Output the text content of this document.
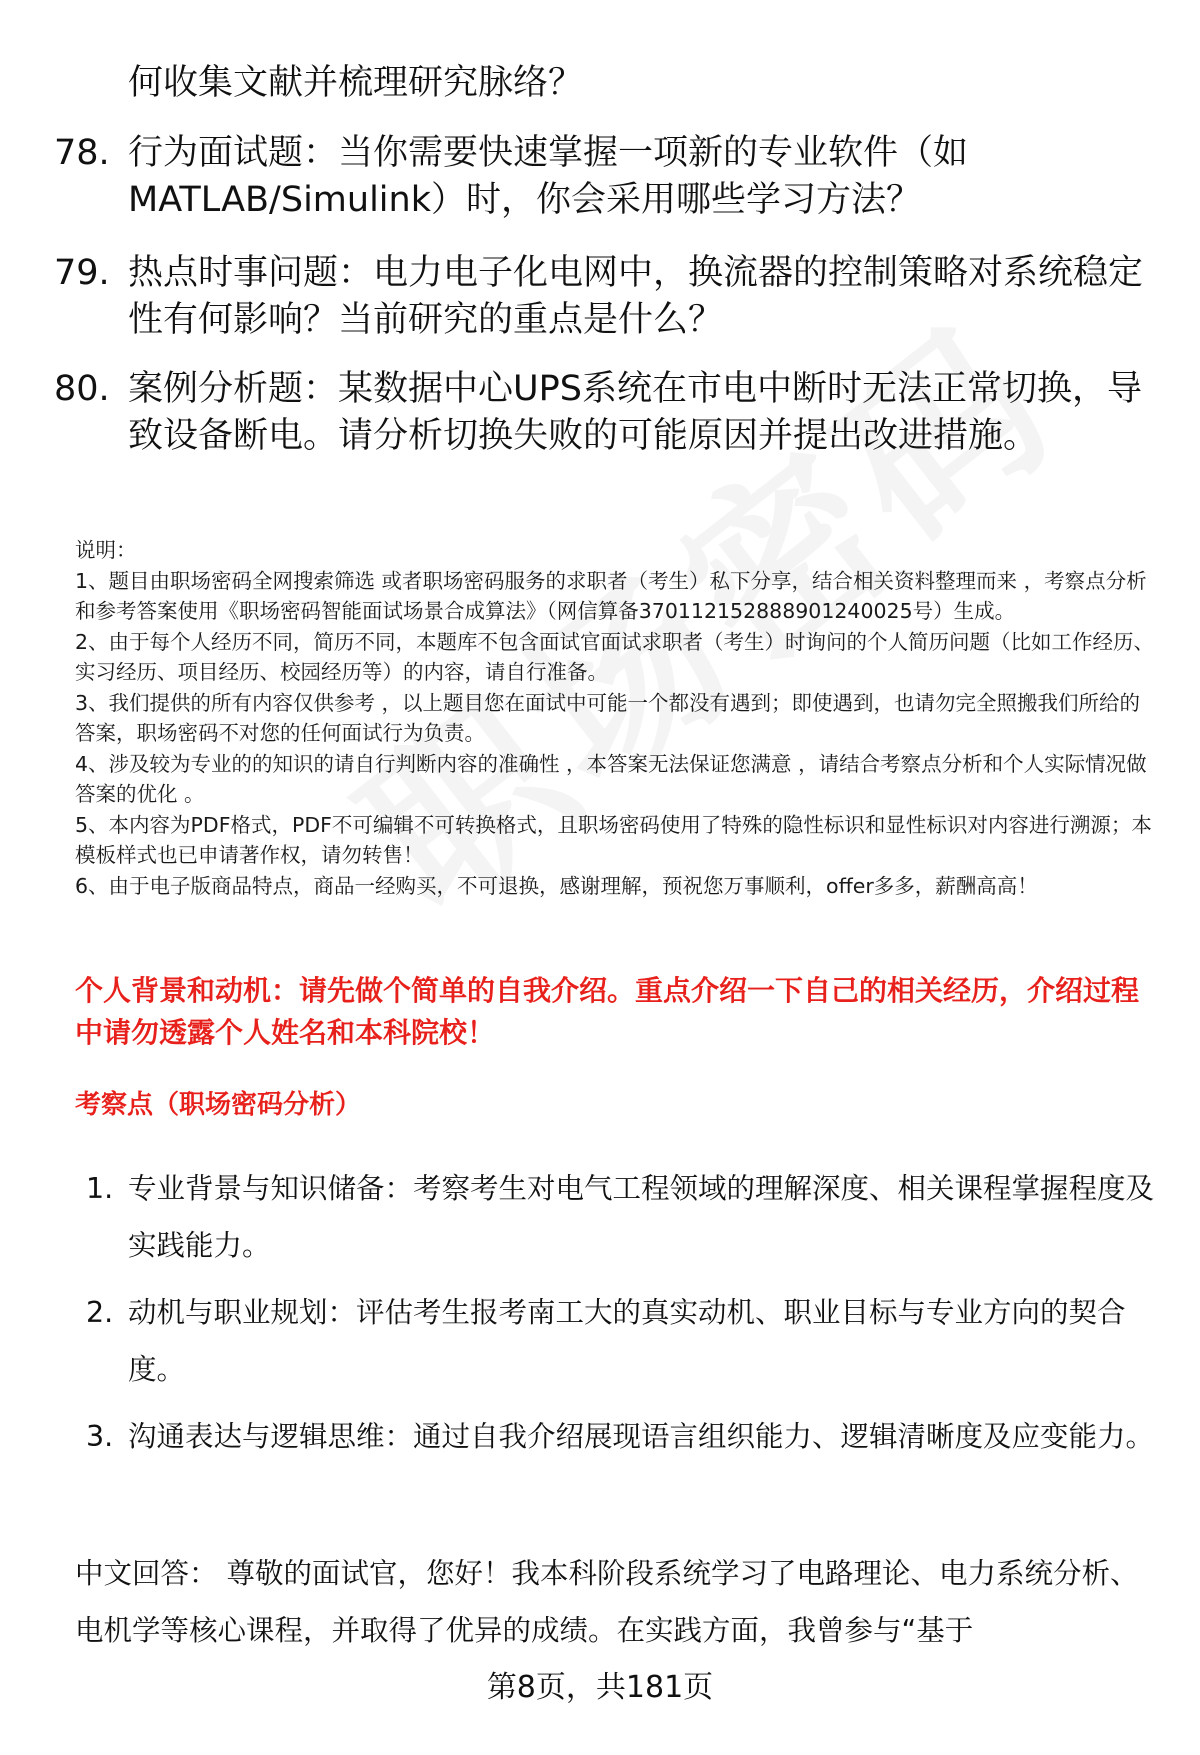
何收集文献并梳理研究脉络？
78. 行为面试题：当你需要快速掌握一项新的专业软件（如MATLAB/Simulink）时，你会采用哪些学习方法？
79. 热点时事问题：电力电子化电网中，换流器的控制策略对系统稳定性有何影响？当前研究的重点是什么？
80. 案例分析题：某数据中心UPS系统在市电中断时无法正常切换，导致设备断电。请分析切换失败的可能原因并提出改进措施。
说明：
1、题目由职场密码全网搜索筛选 或者职场密码服务的求职者（考生）私下分享，结合相关资料整理而来 ，考察点分析和参考答案使用《职场密码智能面试场景合成算法》（网信算备370112152888901240025号）生成。
2、由于每个人经历不同，简历不同，本题库不包含面试官面试求职者（考生）时询问的个人简历问题（比如工作经历、实习经历、项目经历、校园经历等）的内容，请自行准备。
3、我们提供的所有内容仅供参考 ，以上题目您在面试中可能一个都没有遇到；即使遇到，也请勿完全照搬我们所给的答案，职场密码不对您的任何面试行为负责。
4、涉及较为专业的的知识的请自行判断内容的准确性 ，本答案无法保证您满意 ，请结合考察点分析和个人实际情况做答案的优化 。
5、本内容为PDF格式，PDF不可编辑不可转换格式，且职场密码使用了特殊的隐性标识和显性标识对内容进行溯源；本模板样式也已申请著作权，请勿转售！
6、由于电子版商品特点，商品一经购买，不可退换，感谢理解，预祝您万事顺利，offer多多，薪酬高高！
个人背景和动机：请先做个简单的自我介绍。重点介绍一下自己的相关经历，介绍过程中请勿透露个人姓名和本科院校！
考察点（职场密码分析）
1. 专业背景与知识储备：考察考生对电气工程领域的理解深度、相关课程掌握程度及实践能力。
2. 动机与职业规划：评估考生报考南工大的真实动机、职业目标与专业方向的契合度。
3. 沟通表达与逻辑思维：通过自我介绍展现语言组织能力、逻辑清晰度及应变能力。
中文回答： 尊敬的面试官，您好！我本科阶段系统学习了电路理论、电力系统分析、电机学等核心课程，并取得了优异的成绩。在实践方面，我曾参与“基于
第8页，共181页
